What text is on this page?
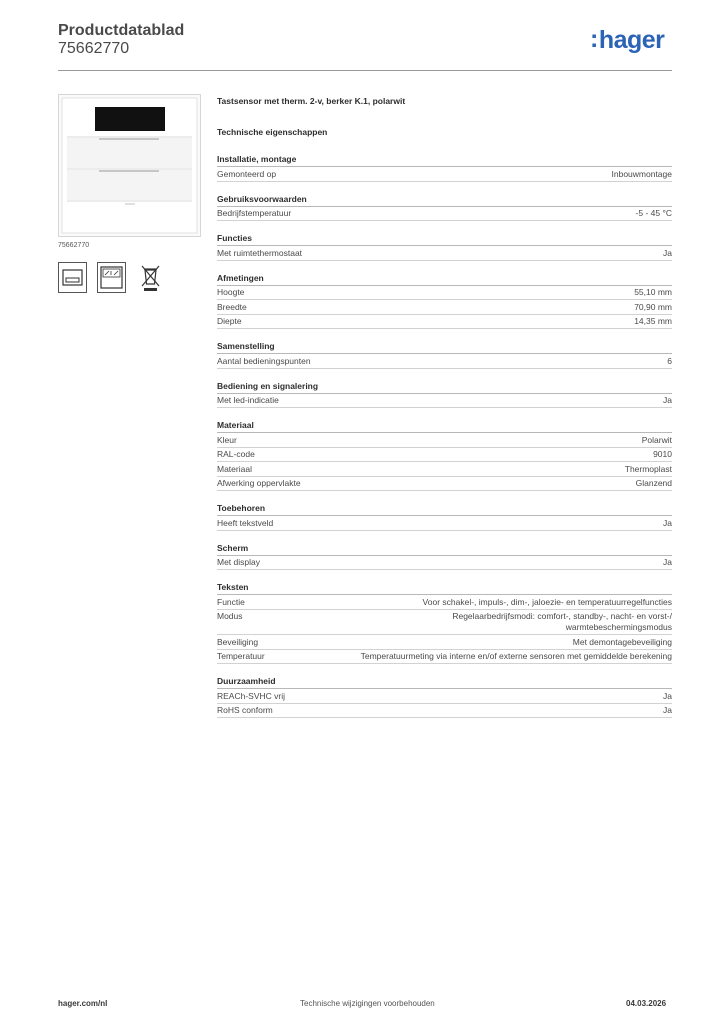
Productdatablad
75662770	:hager
75662770
Tastsensor met therm. 2-v, berker K.1, polarwit
Technische eigenschappen
Installatie, montage
Gemonteerd op	Inbouwmontage
Gebruiksvoorwaarden
Bedrijfstemperatuur	-5 - 45 °C
Functies
Met ruimtethermostaat	Ja
Afmetingen
Hoogte	55,10 mm
Breedte	70,90 mm
Diepte	14,35 mm
Samenstelling
Aantal bedieningspunten	6
Bediening en signalering
Met led-indicatie	Ja
Materiaal
Kleur	Polarwit
RAL-code	9010
Materiaal	Thermoplast
Afwerking oppervlakte	Glanzend
Toebehoren
Heeft tekstveld	Ja
Scherm
Met display	Ja
Teksten
Functie	Voor schakel-, impuls-, dim-, jaloezie- en temperatuurregelfuncties
Modus	Regelaarbedrijfsmodi: comfort-, standby-, nacht- en vorst-/ warmtebeschermingsmodus
Beveiliging	Met demontagebeveiliging
Temperatuur	Temperatuurmeting via interne en/of externe sensoren met gemiddelde berekening
Duurzaamheid
REACh-SVHC vrij	Ja
RoHS conform	Ja
hager.com/nl	Technische wijzigingen voorbehouden	04.03.2026
